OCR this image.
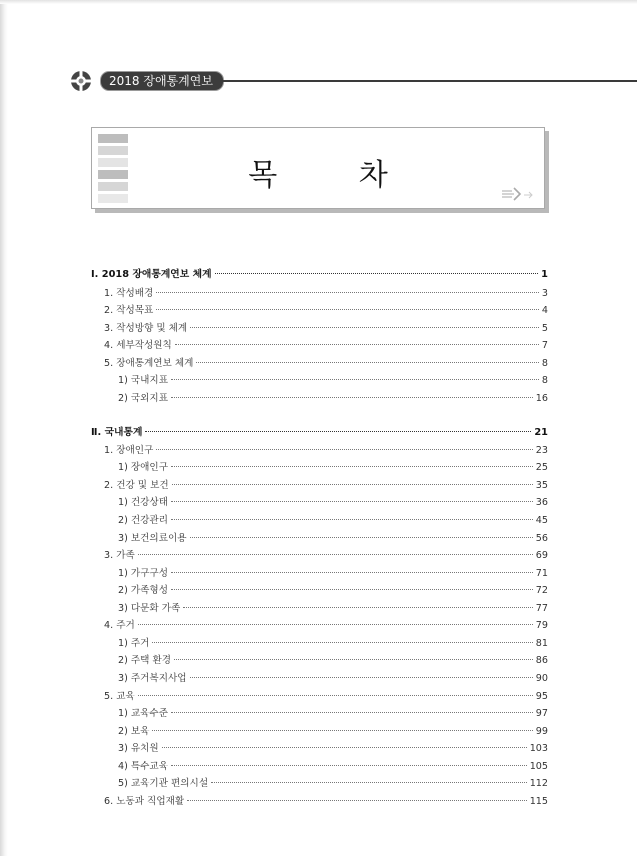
2018 장애통계연보
목 차
Ⅰ. 2018 장애통계연보 체계	1
1. 작성배경	3
2. 작성목표	4
3. 작성방향 및 체계	5
4. 세부작성원칙	7
5. 장애통계연보 체계	8
1) 국내지표	8
2) 국외지표	16
Ⅱ. 국내통계	21
1. 장애인구	23
1) 장애인구	25
2. 건강 및 보건	35
1) 건강상태	36
2) 건강관리	45
3) 보건의료이용	56
3. 가족	69
1) 가구구성	71
2) 가족형성	72
3) 다문화 가족	77
4. 주거	79
1) 주거	81
2) 주택 환경	86
3) 주거복지사업	90
5. 교육	95
1) 교육수준	97
2) 보육	99
3) 유치원	103
4) 특수교육	105
5) 교육기관 편의시설	112
6. 노동과 직업재활	115
